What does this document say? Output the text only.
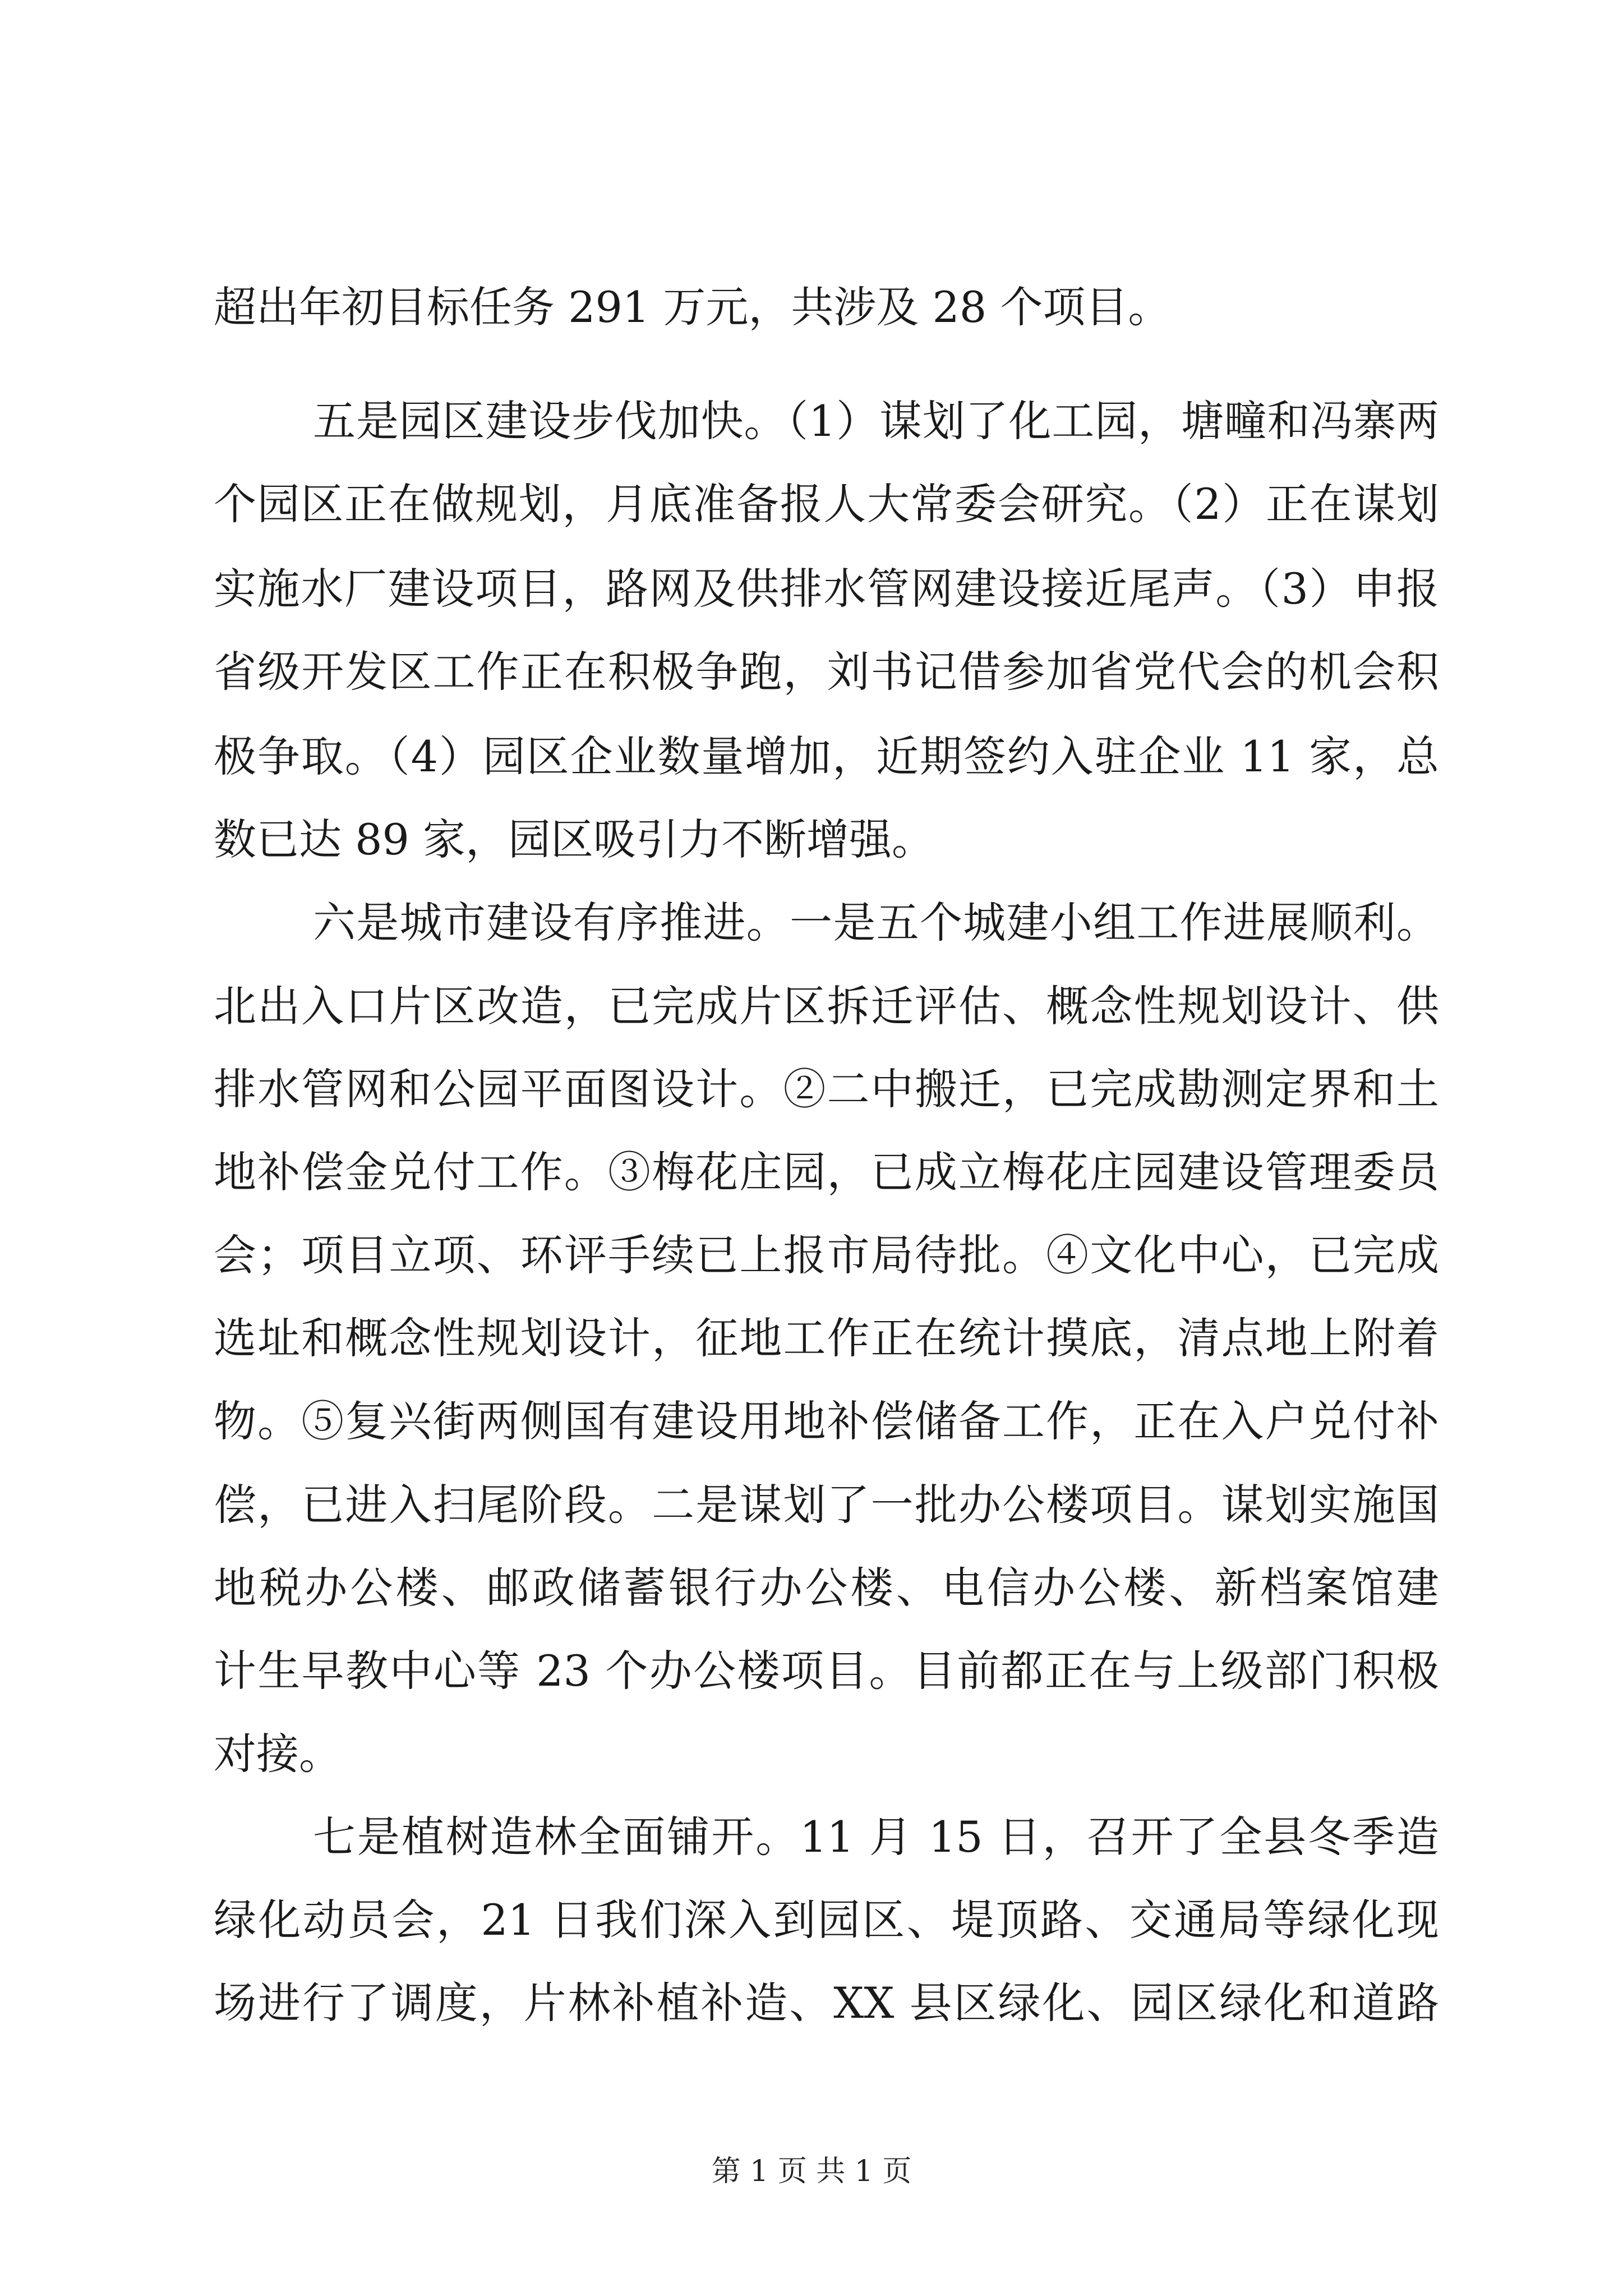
超出年初目标任务 291 万元，共涉及 28 个项目。
五是园区建设步伐加快。（1）谋划了化工园，塘疃和冯寨两
个园区正在做规划，月底准备报人大常委会研究。（2）正在谋划
实施水厂建设项目，路网及供排水管网建设接近尾声。（3）申报
省级开发区工作正在积极争跑，刘书记借参加省党代会的机会积
极争取。（4）园区企业数量增加，近期签约入驻企业 11 家，总
数已达 89 家，园区吸引力不断增强。
六是城市建设有序推进。一是五个城建小组工作进展顺利。
北出入口片区改造，已完成片区拆迁评估、概念性规划设计、供
排水管网和公园平面图设计。②二中搬迁，已完成勘测定界和土
地补偿金兑付工作。③梅花庄园，已成立梅花庄园建设管理委员
会；项目立项、环评手续已上报市局待批。④文化中心，已完成
选址和概念性规划设计，征地工作正在统计摸底，清点地上附着
物。⑤复兴街两侧国有建设用地补偿储备工作，正在入户兑付补
偿，已进入扫尾阶段。二是谋划了一批办公楼项目。谋划实施国
地税办公楼、邮政储蓄银行办公楼、电信办公楼、新档案馆建
计生早教中心等 23 个办公楼项目。目前都正在与上级部门积极
对接。
七是植树造林全面铺开。11 月 15 日，召开了全县冬季造
绿化动员会，21 日我们深入到园区、堤顶路、交通局等绿化现
场进行了调度，片林补植补造、XX 县区绿化、园区绿化和道路
第 1 页 共 1 页
